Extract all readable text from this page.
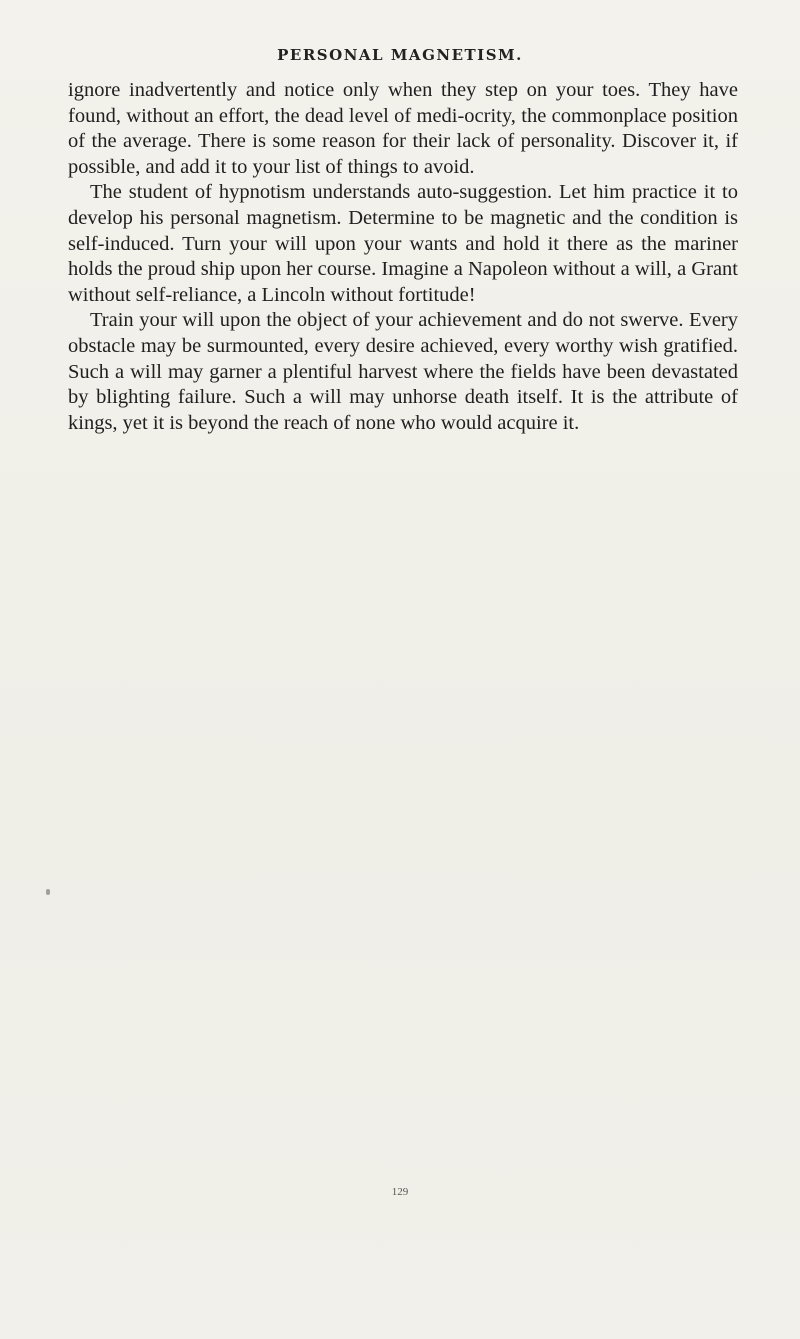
PERSONAL MAGNETISM.

ignore inadvertently and notice only when they step on your toes. They have found, without an effort, the dead level of medi-ocrity, the commonplace position of the average. There is some reason for their lack of personality. Discover it, if possible, and add it to your list of things to avoid.

The student of hypnotism understands auto-suggestion. Let him practice it to develop his personal magnetism. Determine to be magnetic and the condition is self-induced. Turn your will upon your wants and hold it there as the mariner holds the proud ship upon her course. Imagine a Napoleon without a will, a Grant without self-reliance, a Lincoln without fortitude!

Train your will upon the object of your achievement and do not swerve. Every obstacle may be surmounted, every desire achieved, every worthy wish gratified. Such a will may garner a plentiful harvest where the fields have been devastated by blighting failure. Such a will may unhorse death itself. It is the attribute of kings, yet it is beyond the reach of none who would acquire it.

129
